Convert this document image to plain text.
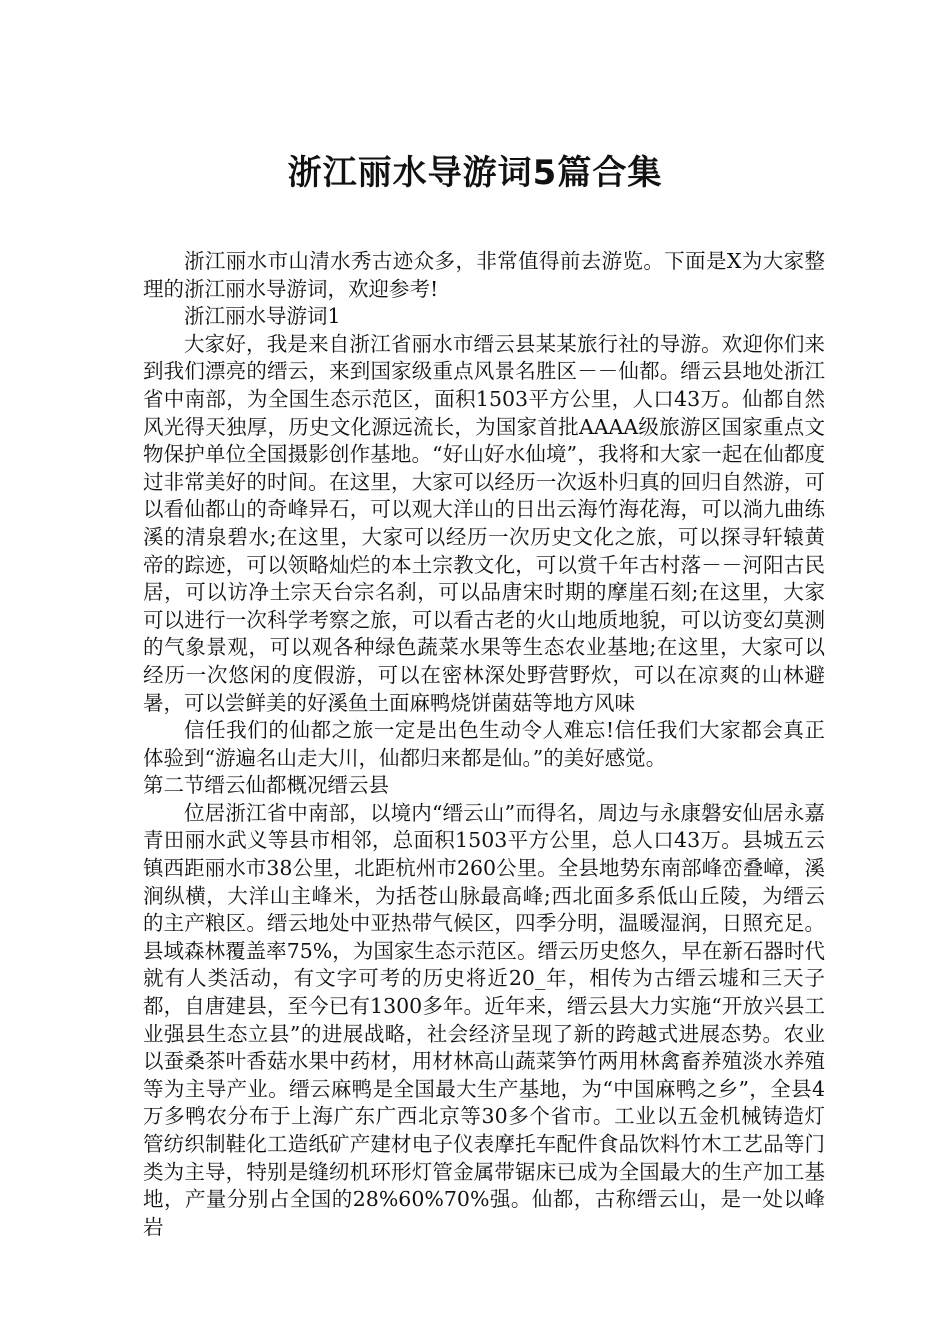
浙江丽水导游词5篇合集

浙江丽水市山清水秀古迹众多，非常值得前去游览。下面是X为大家整理的浙江丽水导游词，欢迎参考!

浙江丽水导游词1

大家好，我是来自浙江省丽水市缙云县某某旅行社的导游。欢迎你们来到我们漂亮的缙云，来到国家级重点风景名胜区－－仙都。缙云县地处浙江省中南部，为全国生态示范区，面积1503平方公里，人口43万。仙都自然风光得天独厚，历史文化源远流长，为国家首批AAAA级旅游区国家重点文物保护单位全国摄影创作基地。“好山好水仙境”，我将和大家一起在仙都度过非常美好的时间。在这里，大家可以经历一次返朴归真的回归自然游，可以看仙都山的奇峰异石，可以观大洋山的日出云海竹海花海，可以淌九曲练溪的清泉碧水;在这里，大家可以经历一次历史文化之旅，可以探寻轩辕黄帝的踪迹，可以领略灿烂的本土宗教文化，可以赏千年古村落－－河阳古民居，可以访净土宗天台宗名刹，可以品唐宋时期的摩崖石刻;在这里，大家可以进行一次科学考察之旅，可以看古老的火山地质地貌，可以访变幻莫测的气象景观，可以观各种绿色蔬菜水果等生态农业基地;在这里，大家可以经历一次悠闲的度假游，可以在密林深处野营野炊，可以在凉爽的山林避暑，可以尝鲜美的好溪鱼土面麻鸭烧饼菌菇等地方风味

信任我们的仙都之旅一定是出色生动令人难忘!信任我们大家都会真正体验到“游遍名山走大川，仙都归来都是仙。”的美好感觉。

第二节缙云仙都概况缙云县

位居浙江省中南部，以境内“缙云山”而得名，周边与永康磐安仙居永嘉青田丽水武义等县市相邻，总面积1503平方公里，总人口43万。县城五云镇西距丽水市38公里，北距杭州市260公里。全县地势东南部峰峦叠嶂，溪涧纵横，大洋山主峰米，为括苍山脉最高峰;西北面多系低山丘陵，为缙云的主产粮区。缙云地处中亚热带气候区，四季分明，温暖湿润，日照充足。县域森林覆盖率75%，为国家生态示范区。缙云历史悠久，早在新石器时代就有人类活动，有文字可考的历史将近20_年，相传为古缙云墟和三天子都，自唐建县，至今已有1300多年。近年来，缙云县大力实施“开放兴县工业强县生态立县”的进展战略，社会经济呈现了新的跨越式进展态势。农业以蚕桑茶叶香菇水果中药材，用材林高山蔬菜笋竹两用林禽畜养殖淡水养殖等为主导产业。缙云麻鸭是全国最大生产基地，为“中国麻鸭之乡”，全县4万多鸭农分布于上海广东广西北京等30多个省市。工业以五金机械铸造灯管纺织制鞋化工造纸矿产建材电子仪表摩托车配件食品饮料竹木工艺品等门类为主导，特别是缝纫机环形灯管金属带锯床已成为全国最大的生产加工基地，产量分别占全国的28%60%70%强。仙都，古称缙云山，是一处以峰岩
